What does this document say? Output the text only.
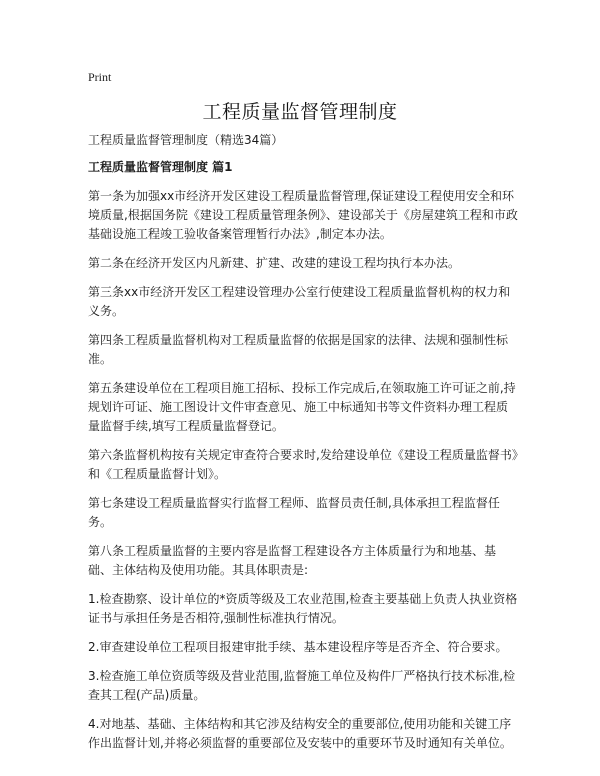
Print
工程质量监督管理制度

工程质量监督管理制度（精选34篇）

工程质量监督管理制度 篇1

第一条为加强xx市经济开发区建设工程质量监督管理,保证建设工程使用安全和环境质量,根据国务院《建设工程质量管理条例》、建设部关于《房屋建筑工程和市政基础设施工程竣工验收备案管理暂行办法》,制定本办法。

第二条在经济开发区内凡新建、扩建、改建的建设工程均执行本办法。

第三条xx市经济开发区工程建设管理办公室行使建设工程质量监督机构的权力和义务。

第四条工程质量监督机构对工程质量监督的依据是国家的法律、法规和强制性标准。

第五条建设单位在工程项目施工招标、投标工作完成后,在领取施工许可证之前,持规划许可证、施工图设计文件审查意见、施工中标通知书等文件资料办理工程质量监督手续,填写工程质量监督登记。

第六条监督机构按有关规定审查符合要求时,发给建设单位《建设工程质量监督书》和《工程质量监督计划》。

第七条建设工程质量监督实行监督工程师、监督员责任制,具体承担工程监督任务。

第八条工程质量监督的主要内容是监督工程建设各方主体质量行为和地基、基础、主体结构及使用功能。其具体职责是:

1.检查勘察、设计单位的*资质等级及工农业范围,检查主要基础上负责人执业资格证书与承担任务是否相符,强制性标准执行情况。

2.审查建设单位工程项目报建审批手续、基本建设程序等是否齐全、符合要求。

3.检查施工单位资质等级及营业范围,监督施工单位及构件厂严格执行技术标准,检查其工程(产品)质量。

4.对地基、基础、主体结构和其它涉及结构安全的重要部位,使用功能和关键工序作出监督计划,并将必须监督的重要部位及安装中的重要环节及时通知有关单位。
